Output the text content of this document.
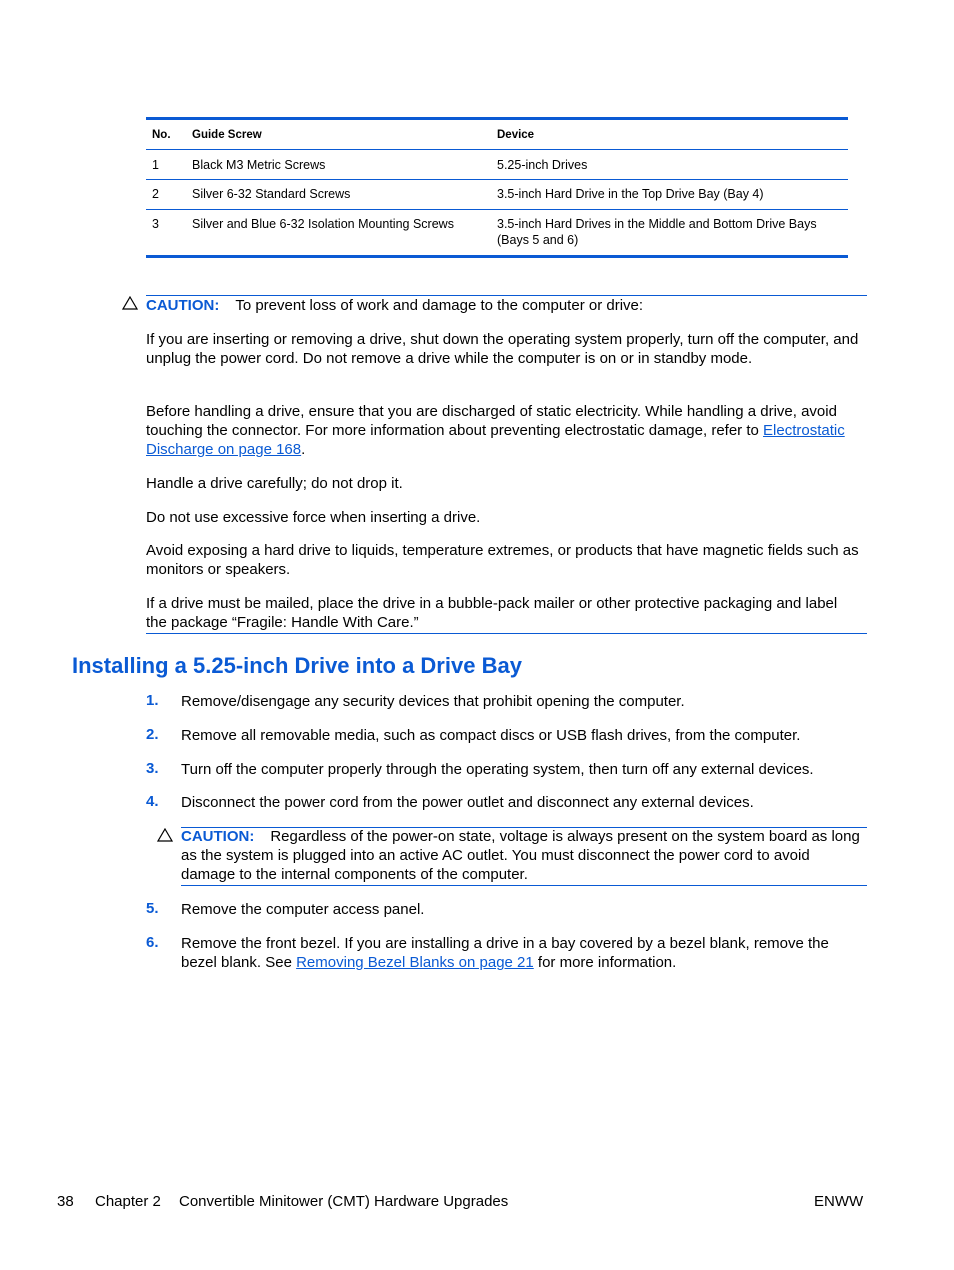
No.	Guide Screw	Device
1	Black M3 Metric Screws	5.25-inch Drives
2	Silver 6-32 Standard Screws	3.5-inch Hard Drive in the Top Drive Bay (Bay 4)
3	Silver and Blue 6-32 Isolation Mounting Screws	3.5-inch Hard Drives in the Middle and Bottom Drive Bays (Bays 5 and 6)
CAUTION: To prevent loss of work and damage to the computer or drive:
If you are inserting or removing a drive, shut down the operating system properly, turn off the computer, and unplug the power cord. Do not remove a drive while the computer is on or in standby mode.
Before handling a drive, ensure that you are discharged of static electricity. While handling a drive, avoid touching the connector. For more information about preventing electrostatic damage, refer to Electrostatic Discharge on page 168.
Handle a drive carefully; do not drop it.
Do not use excessive force when inserting a drive.
Avoid exposing a hard drive to liquids, temperature extremes, or products that have magnetic fields such as monitors or speakers.
If a drive must be mailed, place the drive in a bubble-pack mailer or other protective packaging and label the package “Fragile: Handle With Care.”
Installing a 5.25-inch Drive into a Drive Bay
1. Remove/disengage any security devices that prohibit opening the computer.
2. Remove all removable media, such as compact discs or USB flash drives, from the computer.
3. Turn off the computer properly through the operating system, then turn off any external devices.
4. Disconnect the power cord from the power outlet and disconnect any external devices.
CAUTION: Regardless of the power-on state, voltage is always present on the system board as long as the system is plugged into an active AC outlet. You must disconnect the power cord to avoid damage to the internal components of the computer.
5. Remove the computer access panel.
6. Remove the front bezel. If you are installing a drive in a bay covered by a bezel blank, remove the bezel blank. See Removing Bezel Blanks on page 21 for more information.
38 Chapter 2 Convertible Minitower (CMT) Hardware Upgrades	ENWW
